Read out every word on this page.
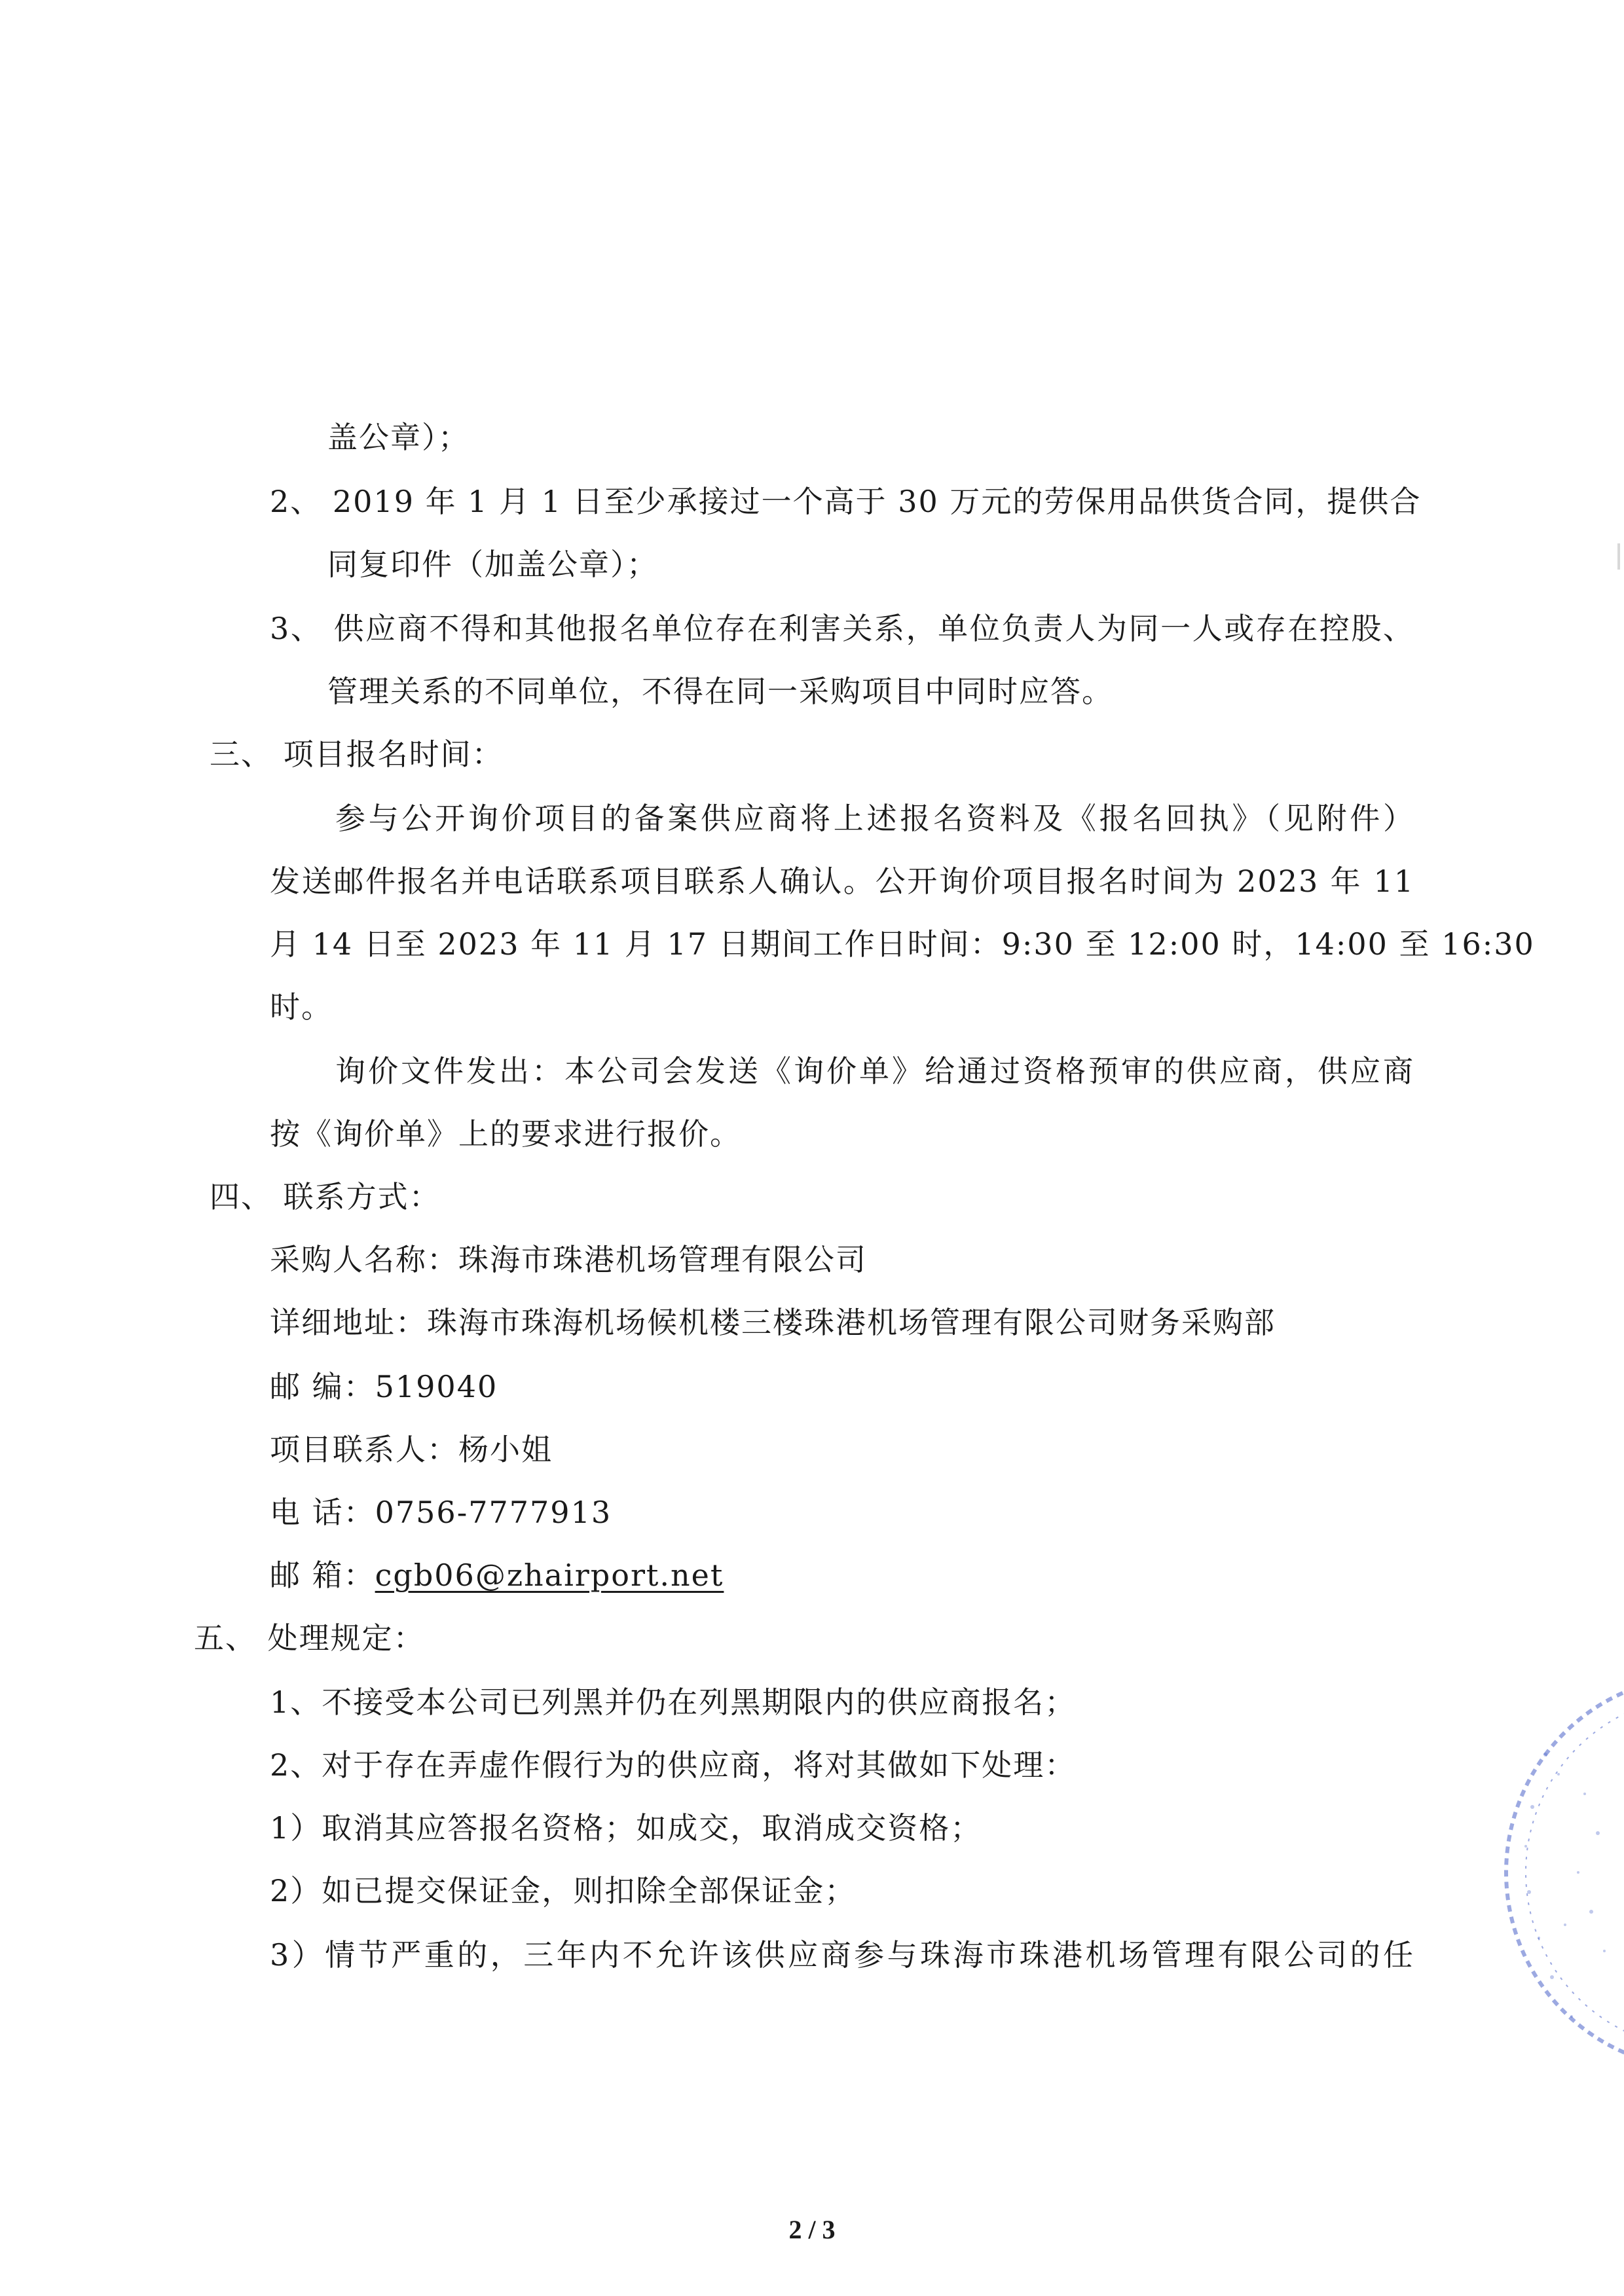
盖公章）；
2、 2019 年 1 月 1 日至少承接过一个高于 30 万元的劳保用品供货合同，提供合
同复印件（加盖公章）；
3、 供应商不得和其他报名单位存在利害关系，单位负责人为同一人或存在控股、
管理关系的不同单位，不得在同一采购项目中同时应答。
三、 项目报名时间：
参与公开询价项目的备案供应商将上述报名资料及《报名回执》（见附件）
发送邮件报名并电话联系项目联系人确认。公开询价项目报名时间为 2023 年 11
月 14 日至 2023 年 11 月 17 日期间工作日时间：9:30 至 12:00 时，14:00 至 16:30
时。
询价文件发出：本公司会发送《询价单》给通过资格预审的供应商，供应商
按《询价单》上的要求进行报价。
四、 联系方式：
采购人名称：珠海市珠港机场管理有限公司
详细地址：珠海市珠海机场候机楼三楼珠港机场管理有限公司财务采购部
邮 编：519040
项目联系人：杨小姐
电 话：0756-7777913
邮 箱：cgb06@zhairport.net
五、 处理规定：
1、不接受本公司已列黑并仍在列黑期限内的供应商报名；
2、对于存在弄虚作假行为的供应商，将对其做如下处理：
1）取消其应答报名资格；如成交，取消成交资格；
2）如已提交保证金，则扣除全部保证金；
3）情节严重的，三年内不允许该供应商参与珠海市珠港机场管理有限公司的任
2 / 3
